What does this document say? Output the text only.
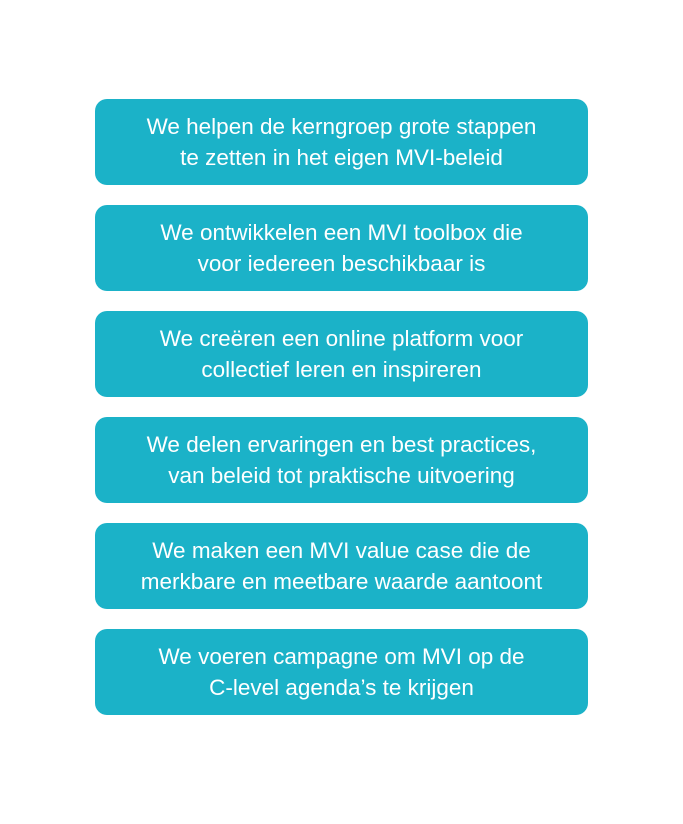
We helpen de kerngroep grote stappen
te zetten in het eigen MVI-beleid
We ontwikkelen een MVI toolbox die
voor iedereen beschikbaar is
We creëren een online platform voor
collectief leren en inspireren
We delen ervaringen en best practices,
van beleid tot praktische uitvoering
We maken een MVI value case die de
merkbare en meetbare waarde aantoont
We voeren campagne om MVI op de
C-level agenda’s te krijgen
